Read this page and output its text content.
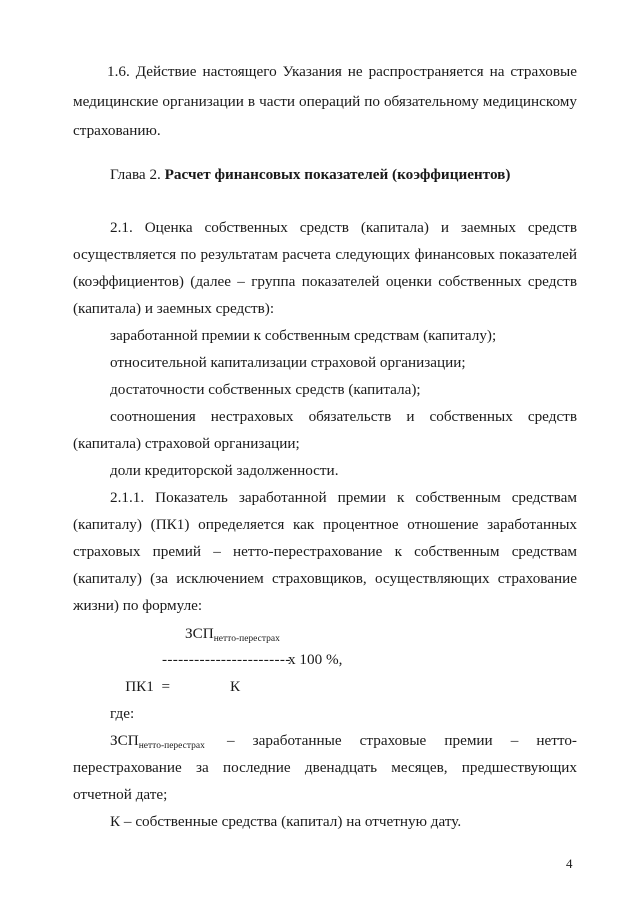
1.6. Действие настоящего Указания не распространяется на страховые
медицинские организации в части операций по обязательному медицинскому
страхованию.
Глава 2. Расчет финансовых показателей (коэффициентов)
2.1. Оценка собственных средств (капитала) и заемных средств
осуществляется по результатам расчета следующих финансовых показателей
(коэффициентов) (далее – группа показателей оценки собственных средств
(капитала) и заемных средств):
заработанной премии к собственным средствам (капиталу);
относительной капитализации страховой организации;
достаточности собственных средств (капитала);
соотношения нестраховых обязательств и собственных средств
(капитала) страховой организации;
доли кредиторской задолженности.
2.1.1. Показатель заработанной премии к собственным средствам
(капиталу) (ПК1) определяется как процентное отношение заработанных
страховых премий – нетто-перестрахование к собственным средствам
(капиталу) (за исключением страховщиков, осуществляющих страхование
жизни) по формуле:
$ЗСП_{нетто-перестрах}$

ПК1  =

------------------------
x 100 %,
К
где:
$ЗСП_{нетто-перестрах}$ – заработанные страховые премии – нетто-
перестрахование за последние двенадцать месяцев, предшествующих
отчетной дате;
К – собственные средства (капитал) на отчетную дату.
4
